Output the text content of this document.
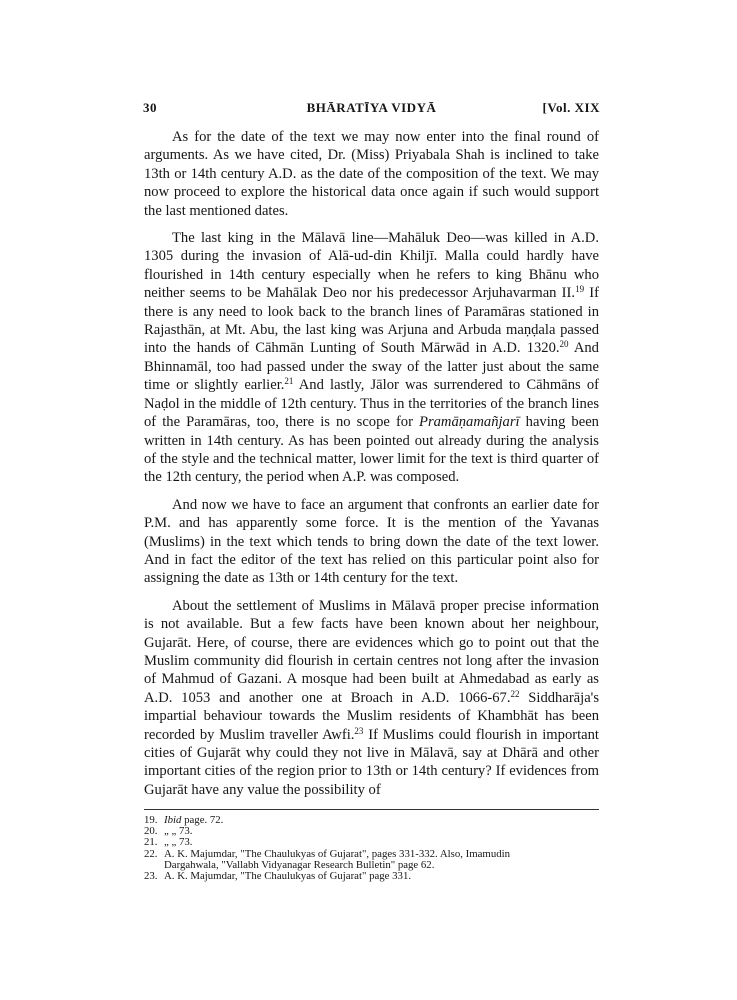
30	BHĀRATĪYA VIDYĀ	[Vol. XIX

As for the date of the text we may now enter into the final round of arguments. As we have cited, Dr. (Miss) Priyabala Shah is inclined to take 13th or 14th century A.D. as the date of the composition of the text. We may now proceed to explore the historical data once again if such would support the last mentioned dates.

The last king in the Mālavā line—Mahāluk Deo—was killed in A.D. 1305 during the invasion of Alā-ud-din Khiljī. Malla could hardly have flourished in 14th century especially when he refers to king Bhānu who neither seems to be Mahālak Deo nor his predecessor Arjuhavarman II.$^{19}$ If there is any need to look back to the branch lines of Paramāras stationed in Rajasthān, at Mt. Abu, the last king was Arjuna and Arbuda maṇḍala passed into the hands of Cāhmān Lunting of South Mārwād in A.D. 1320.20 And Bhinnamāl, too had passed under the sway of the latter just about the same time or slightly earlier.$^{21}$ And lastly, Jālor was surrendered to Cāhmāns of Naḍol in the middle of 12th century. Thus in the territories of the branch lines of the Paramāras, too, there is no scope for Pramāṇamañjarī having been written in 14th century. As has been pointed out already during the analysis of the style and the technical matter, lower limit for the text is third quarter of the 12th century, the period when A.P. was composed.

And now we have to face an argument that confronts an earlier date for P.M. and has apparently some force. It is the mention of the Yavanas (Muslims) in the text which tends to bring down the date of the text lower. And in fact the editor of the text has relied on this particular point also for assigning the date as 13th or 14th century for the text.

About the settlement of Muslims in Mālavā proper precise information is not available. But a few facts have been known about her neighbour, Gujarāt. Here, of course, there are evidences which go to point out that the Muslim community did flourish in certain centres not long after the invasion of Mahmud of Gazani. A mosque had been built at Ahmedabad as early as A.D. 1053 and another one at Broach in A.D. 1066-67.22 Siddharāja's impartial behaviour towards the Muslim residents of Khambhāt has been recorded by Muslim traveller Awfi.$^{23}$ If Muslims could flourish in important cities of Gujarāt why could they not live in Mālavā, say at Dhārā and other important cities of the region prior to 13th or 14th century? If evidences from Gujarāt have any value the possibility of

19. Ibid page. 72.
20. „ „ 73.
21. „ „ 73.
22. A. K. Majumdar, "The Chaulukyas of Gujarat", pages 331-332. Also, Imamudin
Dargahwala, "Vallabh Vidyanagar Research Bulletin" page 62.
23. A. K. Majumdar, "The Chaulukyas of Gujarat" page 331.
